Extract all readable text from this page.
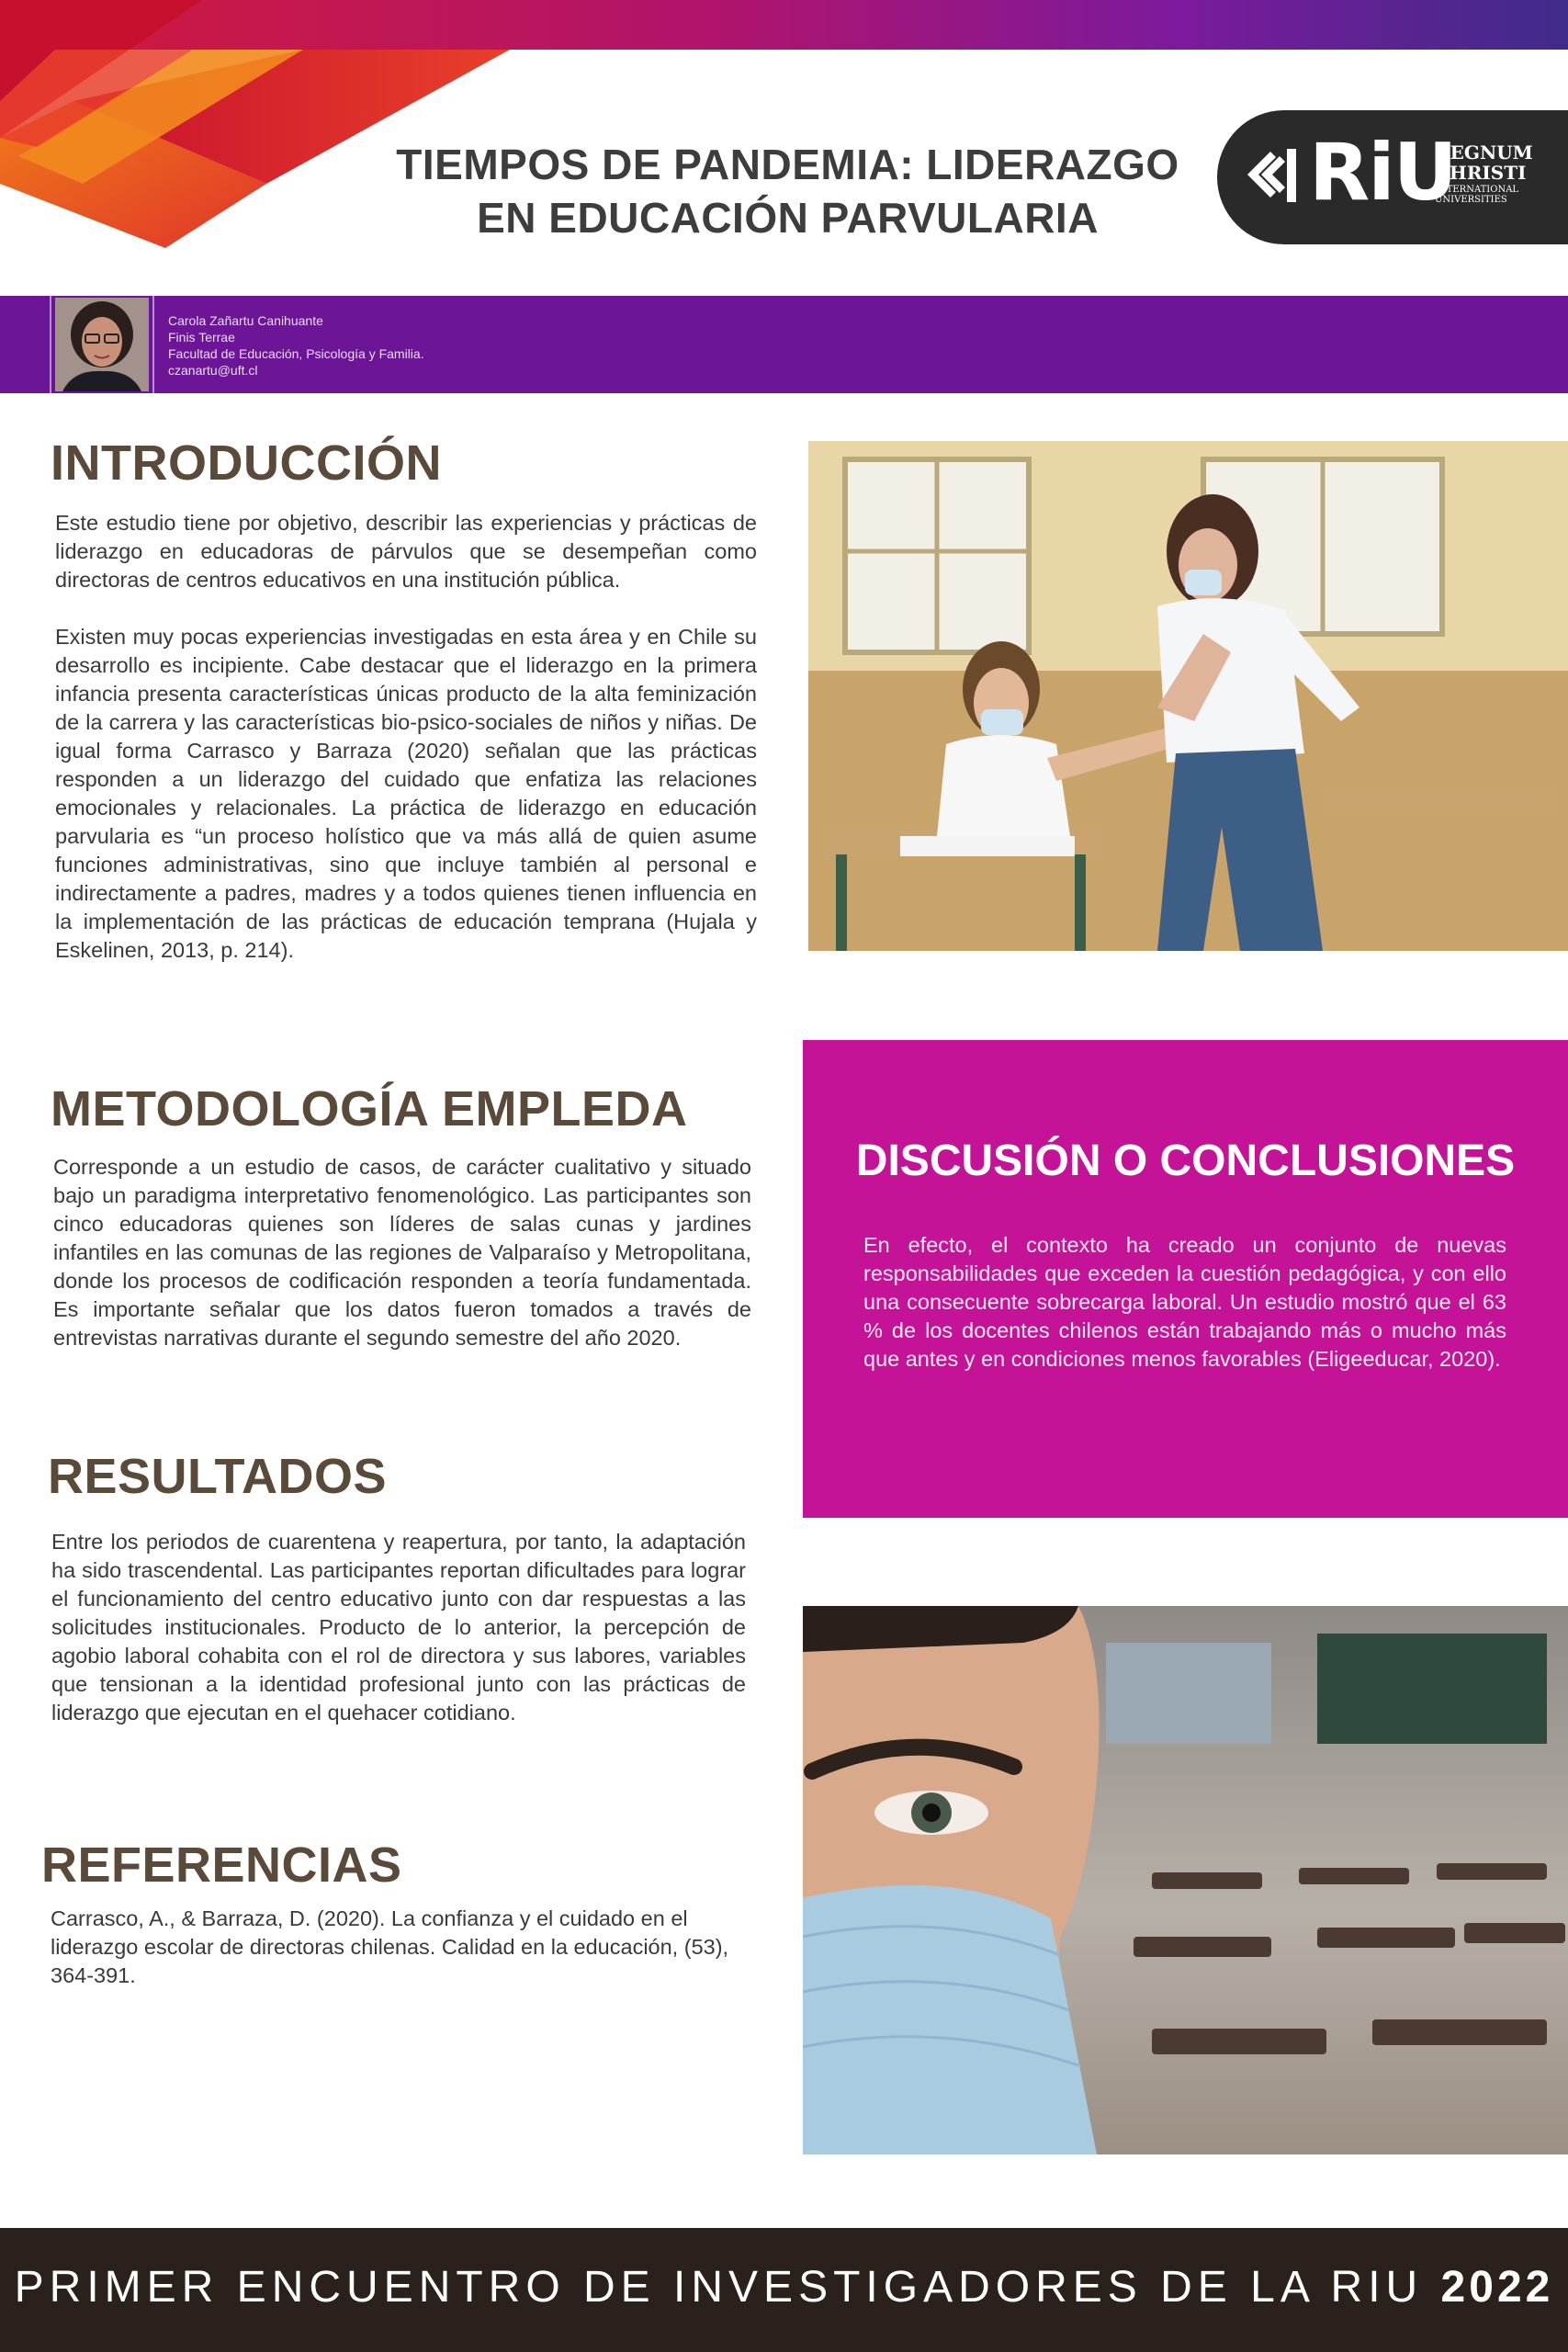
TIEMPOS DE PANDEMIA: LIDERAZGO
EN EDUCACIÓN PARVULARIA	RiU
REGNUM
CHRISTI
INTERNATIONAL
UNIVERSITIES
Carola Zañartu Canihuante
Finis Terrae
Facultad de Educación, Psicología y Familia.
czanartu@uft.cl
INTRODUCCIÓN

Este estudio tiene por objetivo, describir las experiencias y prácticas de liderazgo en educadoras de párvulos que se desempeñan como directoras de centros educativos en una institución pública.

Existen muy pocas experiencias investigadas en esta área y en Chile su desarrollo es incipiente. Cabe destacar que el liderazgo en la primera infancia presenta características únicas producto de la alta feminización de la carrera y las características bio-psico-sociales de niños y niñas. De igual forma Carrasco y Barraza (2020) señalan que las prácticas responden a un liderazgo del cuidado que enfatiza las relaciones emocionales y relacionales. La práctica de liderazgo en educación parvularia es “un proceso holístico que va más allá de quien asume funciones administrativas, sino que incluye también al personal e indirectamente a padres, madres y a todos quienes tienen influencia en la implementación de las prácticas de educación temprana (Hujala y Eskelinen, 2013, p. 214).

METODOLOGÍA EMPLEDA
Corresponde a un estudio de casos, de carácter cualitativo y situado bajo un paradigma interpretativo fenomenológico. Las participantes son cinco educadoras quienes son líderes de salas cunas y jardines infantiles en las comunas de las regiones de Valparaíso y Metropolitana, donde los procesos de codificación responden a teoría fundamentada. Es importante señalar que los datos fueron tomados a través de entrevistas narrativas durante el segundo semestre del año 2020.
DISCUSIÓN O CONCLUSIONES
En efecto, el contexto ha creado un conjunto de nuevas responsabilidades que exceden la cuestión pedagógica, y con ello una consecuente sobrecarga laboral. Un estudio mostró que el 63 % de los docentes chilenos están trabajando más o mucho más que antes y en condiciones menos favorables (Eligeeducar, 2020).
RESULTADOS
Entre los periodos de cuarentena y reapertura, por tanto, la adaptación ha sido trascendental. Las participantes reportan dificultades para lograr el funcionamiento del centro educativo junto con dar respuestas a las solicitudes institucionales. Producto de lo anterior, la percepción de agobio laboral cohabita con el rol de directora y sus labores, variables que tensionan a la identidad profesional junto con las prácticas de liderazgo que ejecutan en el quehacer cotidiano.
REFERENCIAS
Carrasco, A., & Barraza, D. (2020). La confianza y el cuidado en el liderazgo escolar de directoras chilenas. Calidad en la educación, (53), 364-391.
PRIMER ENCUENTRO DE INVESTIGADORES DE LA RIU 2022
